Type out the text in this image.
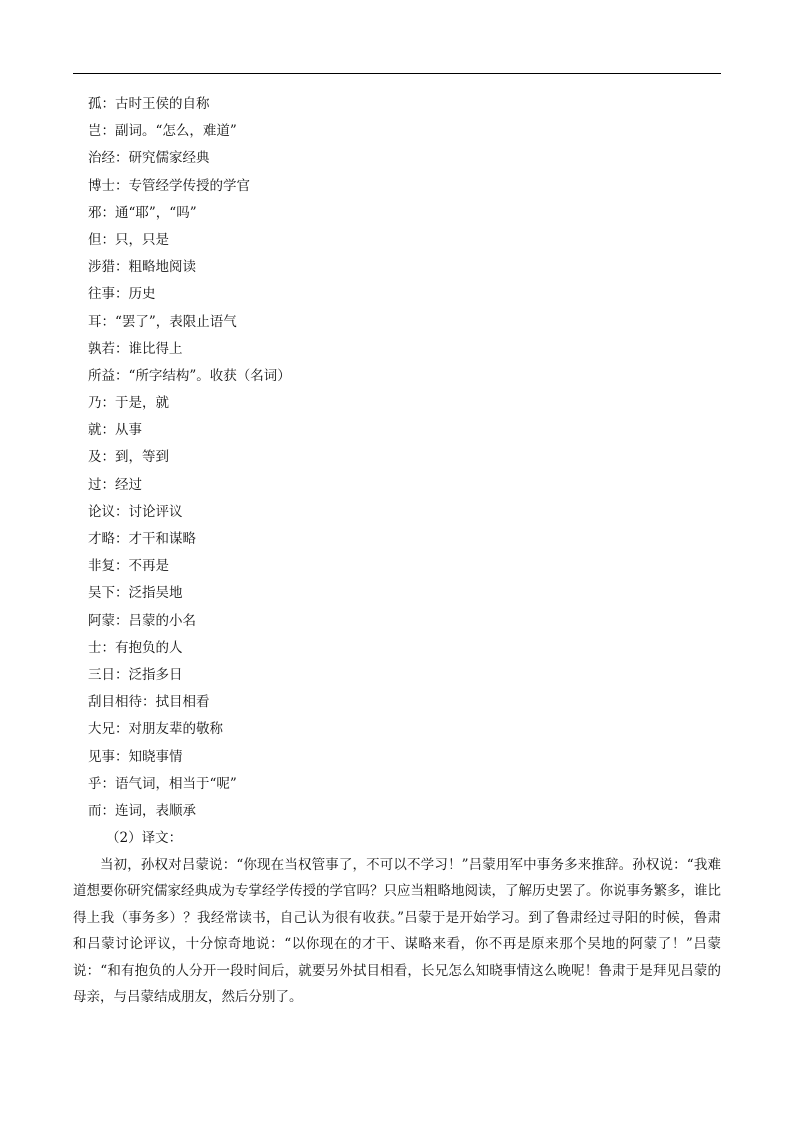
孤：古时王侯的自称
岂：副词。“怎么，难道”
治经：研究儒家经典
博士：专管经学传授的学官
邪：通“耶”，“吗”
但：只，只是
涉猎：粗略地阅读
往事：历史
耳：“罢了”，表限止语气
孰若：谁比得上
所益：“所字结构”。收获（名词）
乃：于是，就
就：从事
及：到，等到
过：经过
论议：讨论评议
才略：才干和谋略
非复：不再是
吴下：泛指吴地
阿蒙：吕蒙的小名
士：有抱负的人
三日：泛指多日
刮目相待：拭目相看
大兄：对朋友辈的敬称
见事：知晓事情
乎：语气词，相当于“呢”
而：连词，表顺承
（2）译文：

当初，孙权对吕蒙说：“你现在当权管事了，不可以不学习！”吕蒙用军中事务多来推辞。孙权说：“我难道想要你研究儒家经典成为专掌经学传授的学官吗？只应当粗略地阅读，了解历史罢了。你说事务繁多，谁比得上我（事务多）？我经常读书，自己认为很有收获。”吕蒙于是开始学习。到了鲁肃经过寻阳的时候，鲁肃和吕蒙讨论评议，十分惊奇地说：“以你现在的才干、谋略来看，你不再是原来那个吴地的阿蒙了！”吕蒙说：“和有抱负的人分开一段时间后，就要另外拭目相看，长兄怎么知晓事情这么晚呢！鲁肃于是拜见吕蒙的母亲，与吕蒙结成朋友，然后分别了。
